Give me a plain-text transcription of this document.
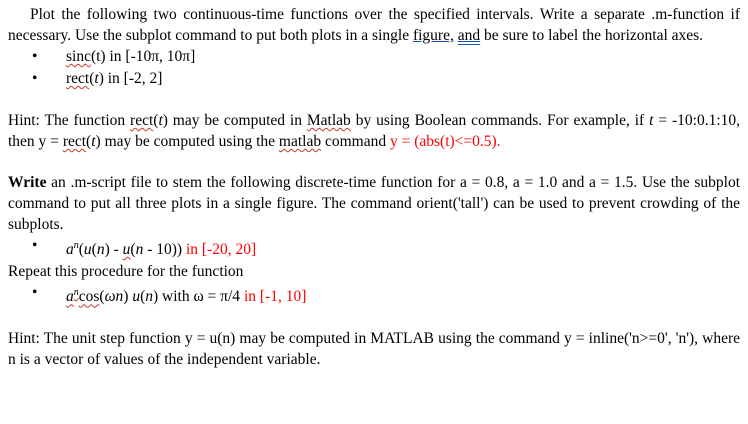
Plot the following two continuous-time functions over the specified intervals. Write a separate .m-function if necessary. Use the subplot command to put both plots in a single figure, and be sure to label the horizontal axes.

• sinc(t) in [-10π, 10π]
• rect(t) in [-2, 2]

Hint: The function rect(t) may be computed in Matlab by using Boolean commands. For example, if t = -10:0.1:10, then y = rect(t) may be computed using the matlab command y = (abs(t)<=0.5).

Write an .m-script file to stem the following discrete-time function for a = 0.8, a = 1.0 and a = 1.5. Use the subplot command to put all three plots in a single figure. The command orient('tall') can be used to prevent crowding of the subplots.

• $a^n(u(n) - u(n - 10))$ in [-20, 20]

Repeat this procedure for the function

• $a^n\cos(\omega n)$ u(n) with ω = π/4 in [-1, 10]

Hint: The unit step function y = u(n) may be computed in MATLAB using the command y = inline('n>=0', 'n'), where n is a vector of values of the independent variable.
